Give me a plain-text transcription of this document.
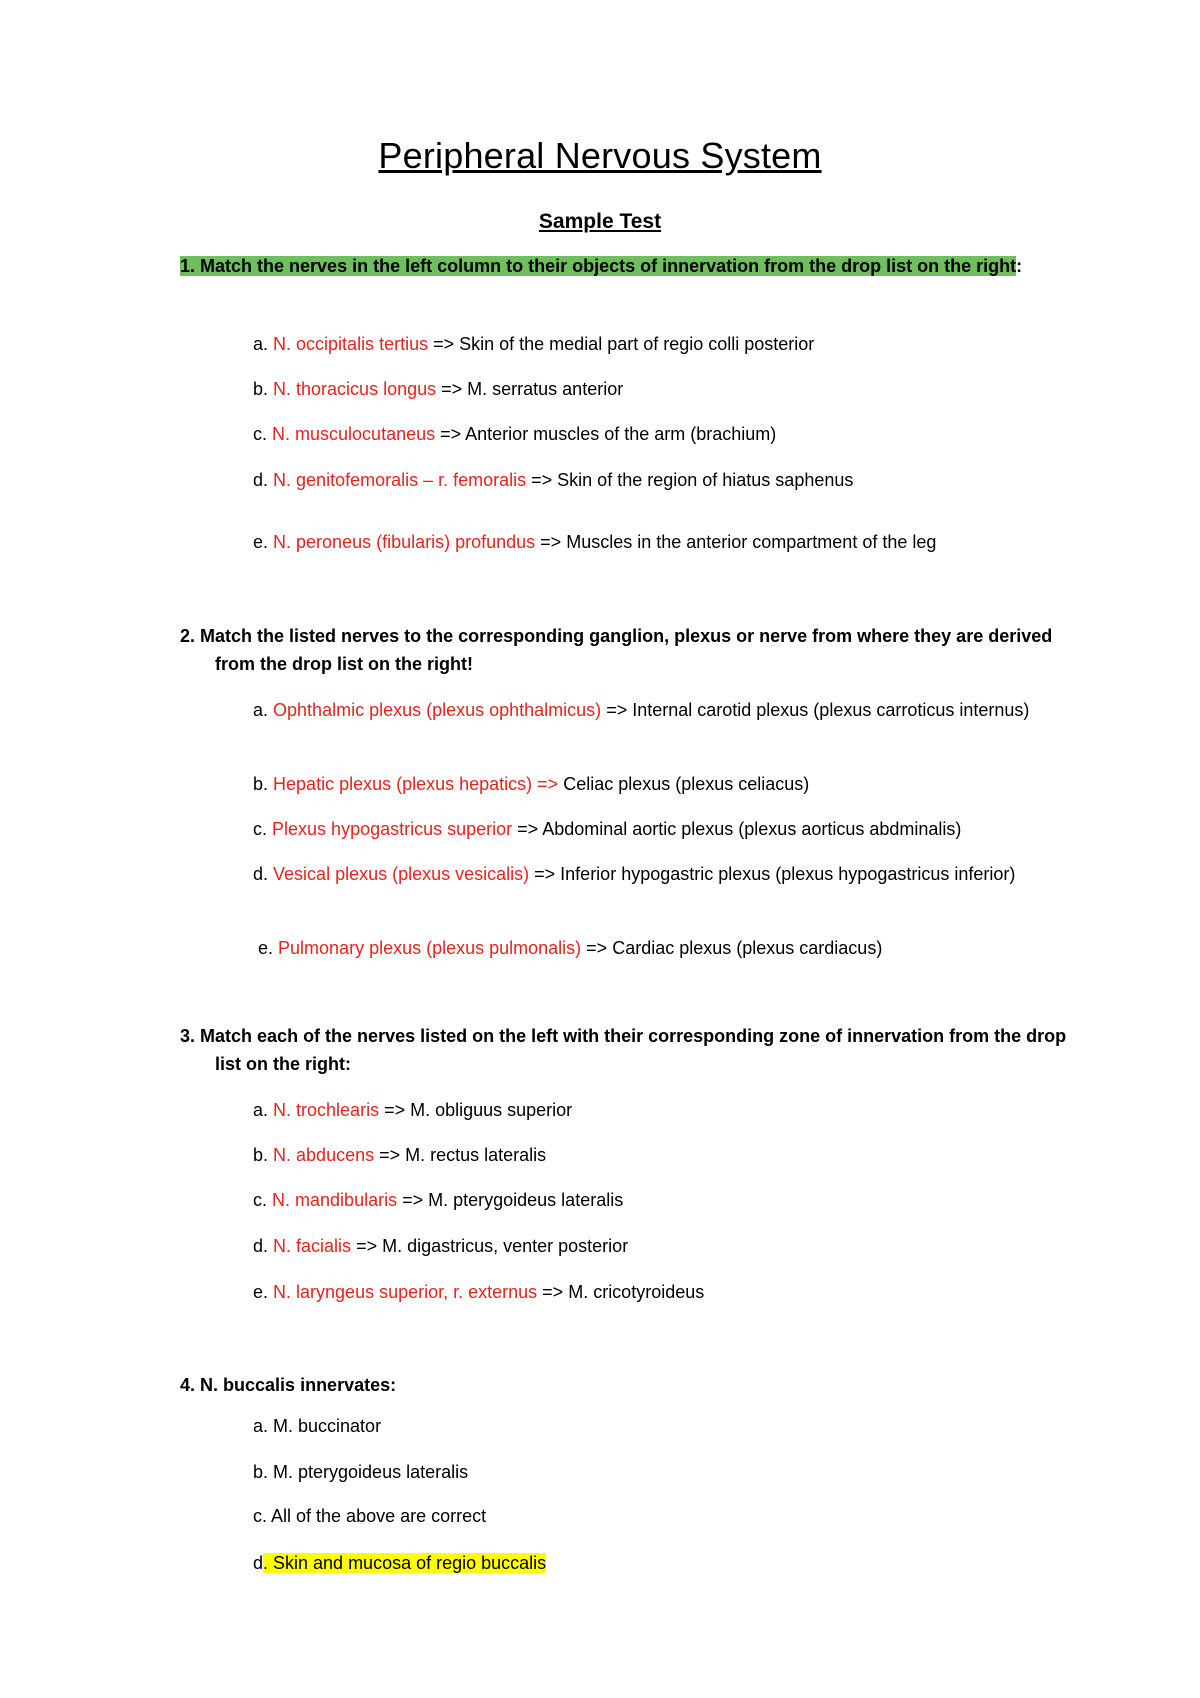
Peripheral Nervous System
Sample Test
1. Match the nerves in the left column to their objects of innervation from the drop list on the right:
a. N. occipitalis tertius => Skin of the medial part of regio colli posterior
b. N. thoracicus longus => M. serratus anterior
c. N. musculocutaneus => Anterior muscles of the arm (brachium)
d. N. genitofemoralis – r. femoralis => Skin of the region of hiatus saphenus
e. N. peroneus (fibularis) profundus => Muscles in the anterior compartment of the leg
2. Match the listed nerves to the corresponding ganglion, plexus or nerve from where they are derived from the drop list on the right!
a. Ophthalmic plexus (plexus ophthalmicus) => Internal carotid plexus (plexus carroticus internus)
b. Hepatic plexus (plexus hepatics) => Celiac plexus (plexus celiacus)
c. Plexus hypogastricus superior => Abdominal aortic plexus (plexus aorticus abdminalis)
d. Vesical plexus (plexus vesicalis) => Inferior hypogastric plexus (plexus hypogastricus inferior)
e. Pulmonary plexus (plexus pulmonalis) => Cardiac plexus (plexus cardiacus)
3. Match each of the nerves listed on the left with their corresponding zone of innervation from the drop list on the right:
a. N. trochlearis => M. obliguus superior
b. N. abducens => M. rectus lateralis
c. N. mandibularis => M. pterygoideus lateralis
d. N. facialis => M. digastricus, venter posterior
e. N. laryngeus superior, r. externus => M. cricotyroideus
4. N. buccalis innervates:
a. M. buccinator
b. M. pterygoideus lateralis
c. All of the above are correct
d. Skin and mucosa of regio buccalis
